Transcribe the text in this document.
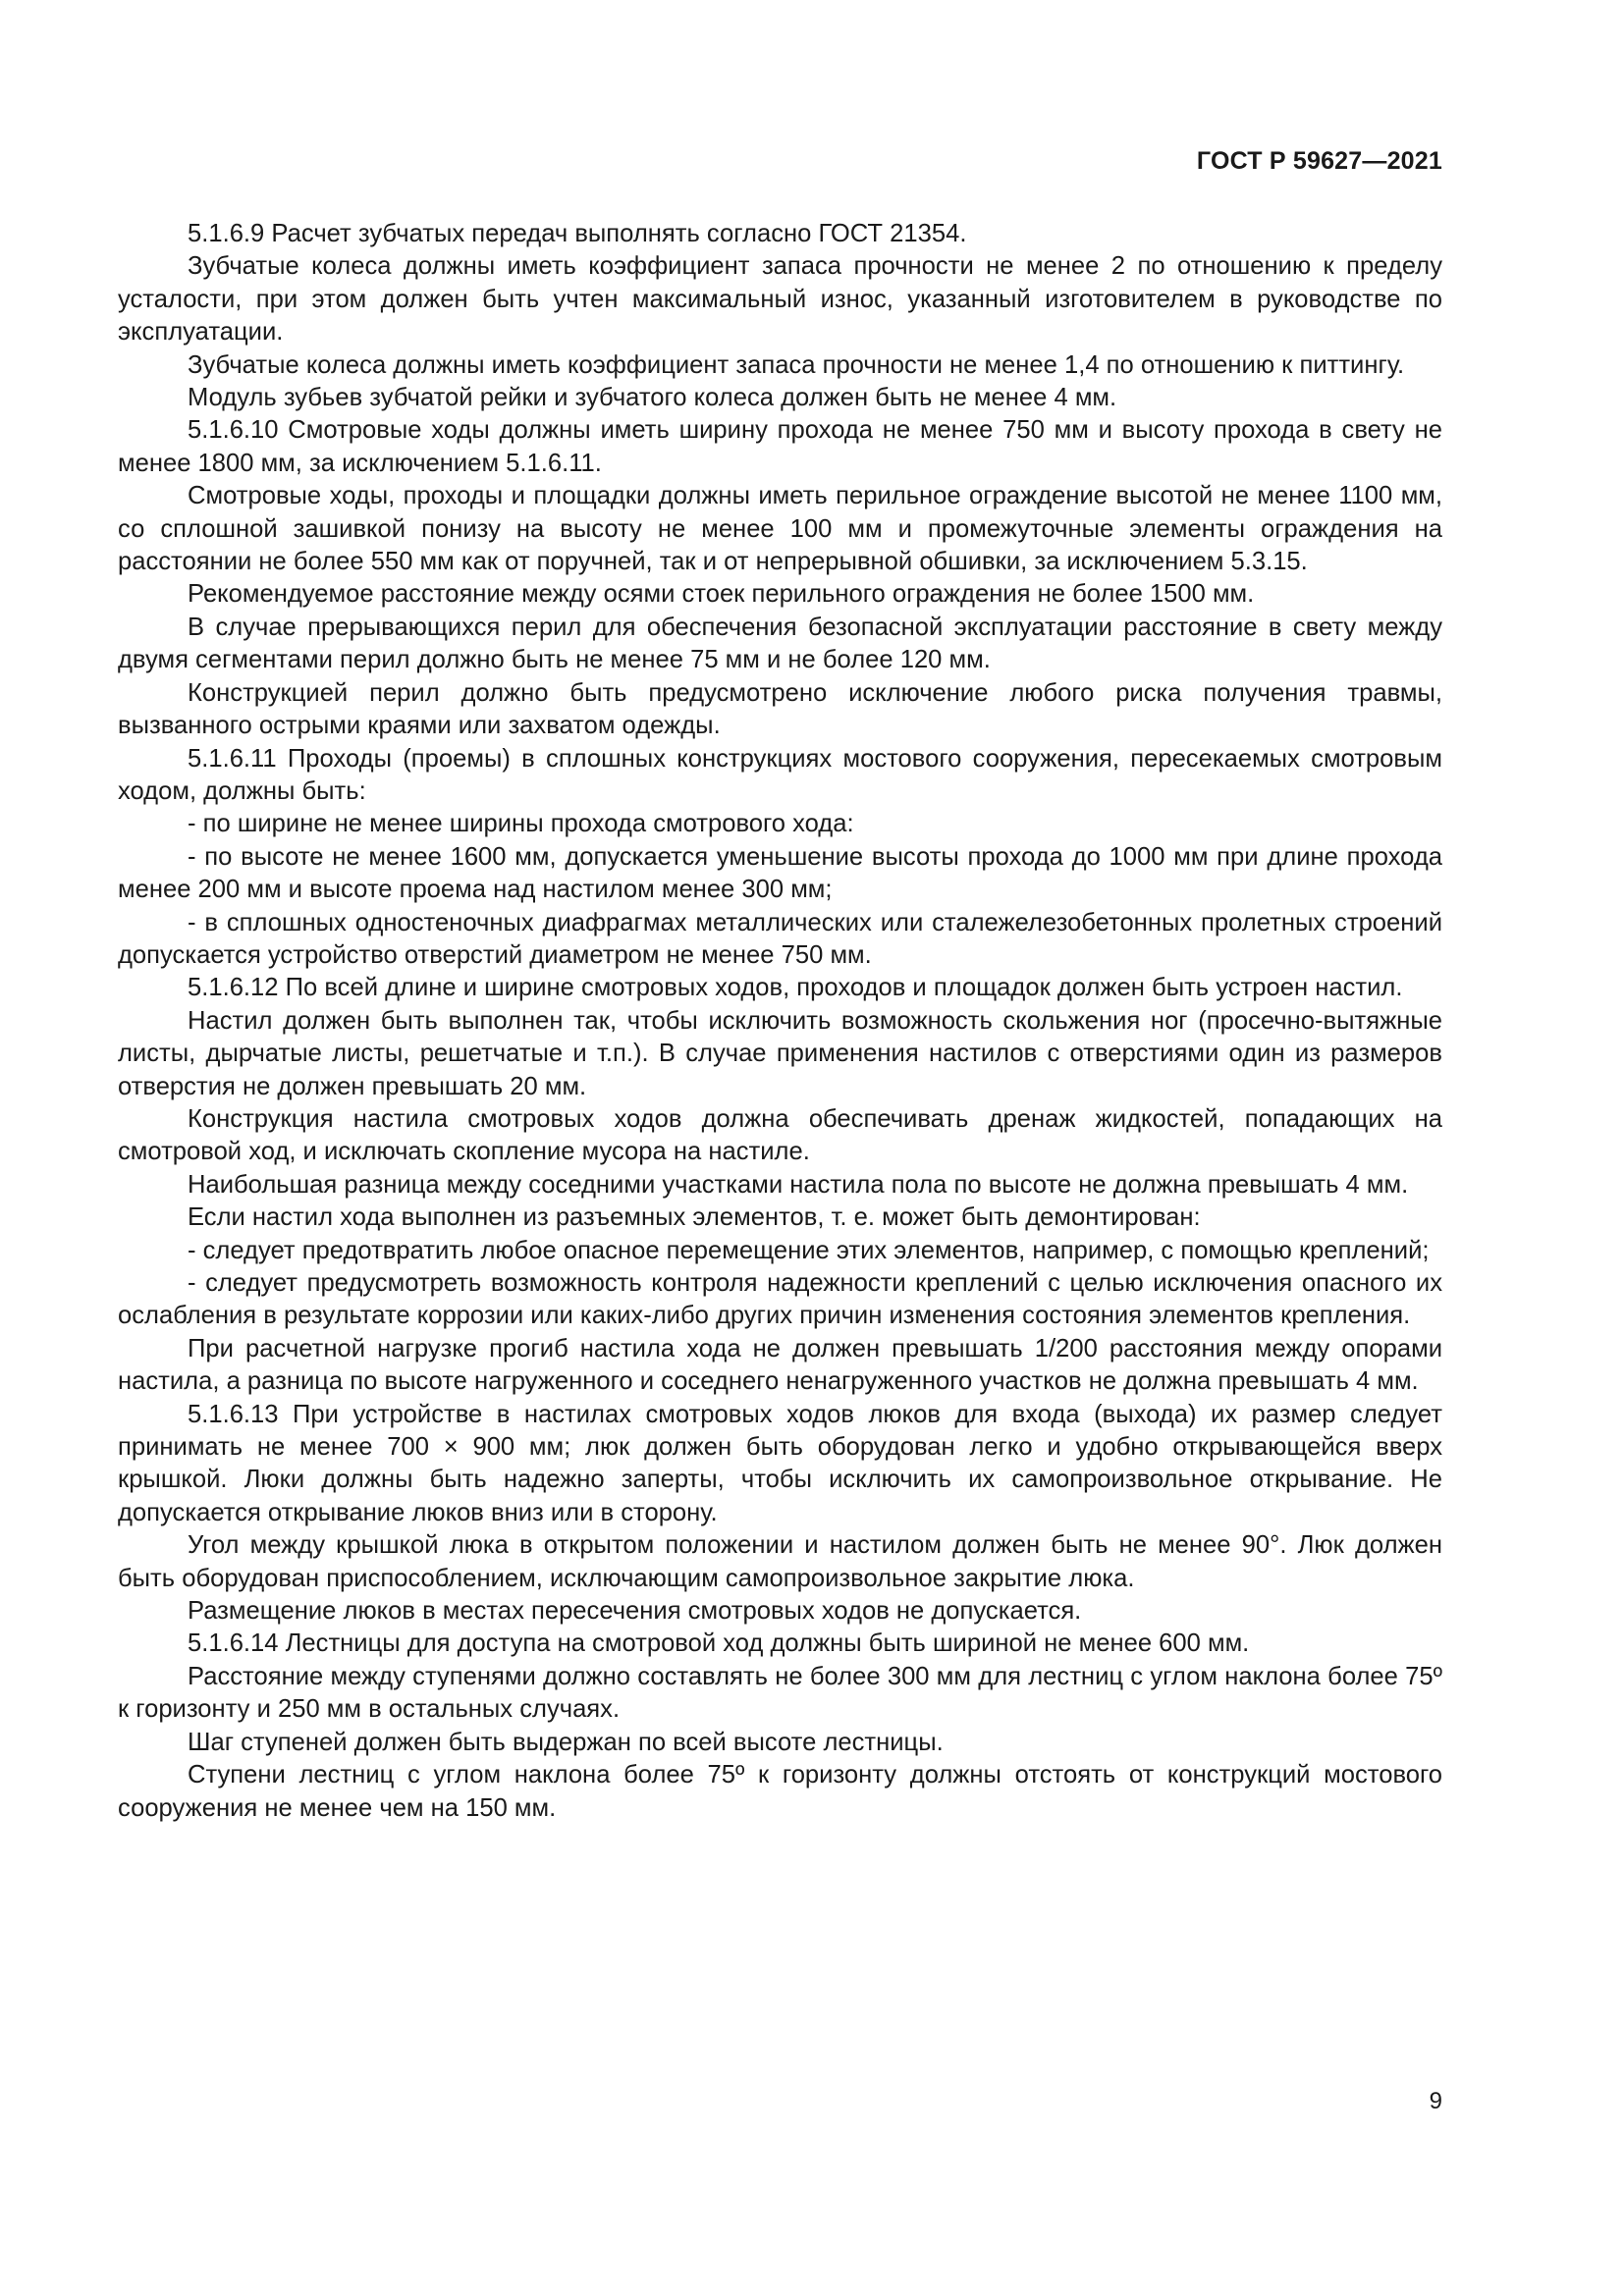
ГОСТ Р 59627—2021

5.1.6.9 Расчет зубчатых передач выполнять согласно ГОСТ 21354.

Зубчатые колеса должны иметь коэффициент запаса прочности не менее 2 по отношению к пределу усталости, при этом должен быть учтен максимальный износ, указанный изготовителем в руководстве по эксплуатации.

Зубчатые колеса должны иметь коэффициент запаса прочности не менее 1,4 по отношению к питтингу.

Модуль зубьев зубчатой рейки и зубчатого колеса должен быть не менее 4 мм.

5.1.6.10 Смотровые ходы должны иметь ширину прохода не менее 750 мм и высоту прохода в свету не менее 1800 мм, за исключением 5.1.6.11.

Смотровые ходы, проходы и площадки должны иметь перильное ограждение высотой не менее 1100 мм, со сплошной зашивкой понизу на высоту не менее 100 мм и промежуточные элементы ограждения на расстоянии не более 550 мм как от поручней, так и от непрерывной обшивки, за исключением 5.3.15.

Рекомендуемое расстояние между осями стоек перильного ограждения не более 1500 мм.

В случае прерывающихся перил для обеспечения безопасной эксплуатации расстояние в свету между двумя сегментами перил должно быть не менее 75 мм и не более 120 мм.

Конструкцией перил должно быть предусмотрено исключение любого риска получения травмы, вызванного острыми краями или захватом одежды.

5.1.6.11 Проходы (проемы) в сплошных конструкциях мостового сооружения, пересекаемых смотровым ходом, должны быть:

- по ширине не менее ширины прохода смотрового хода:

- по высоте не менее 1600 мм, допускается уменьшение высоты прохода до 1000 мм при длине прохода менее 200 мм и высоте проема над настилом менее 300 мм;

- в сплошных одностеночных диафрагмах металлических или сталежелезобетонных пролетных строений допускается устройство отверстий диаметром не менее 750 мм.

5.1.6.12 По всей длине и ширине смотровых ходов, проходов и площадок должен быть устроен настил.

Настил должен быть выполнен так, чтобы исключить возможность скольжения ног (просечно-вытяжные листы, дырчатые листы, решетчатые и т.п.). В случае применения настилов с отверстиями один из размеров отверстия не должен превышать 20 мм.

Конструкция настила смотровых ходов должна обеспечивать дренаж жидкостей, попадающих на смотровой ход, и исключать скопление мусора на настиле.

Наибольшая разница между соседними участками настила пола по высоте не должна превышать 4 мм.

Если настил хода выполнен из разъемных элементов, т. е. может быть демонтирован:

- следует предотвратить любое опасное перемещение этих элементов, например, с помощью креплений;

- следует предусмотреть возможность контроля надежности креплений с целью исключения опасного их ослабления в результате коррозии или каких-либо других причин изменения состояния элементов крепления.

При расчетной нагрузке прогиб настила хода не должен превышать 1/200 расстояния между опорами настила, а разница по высоте нагруженного и соседнего ненагруженного участков не должна превышать 4 мм.

5.1.6.13 При устройстве в настилах смотровых ходов люков для входа (выхода) их размер следует принимать не менее 700 × 900 мм; люк должен быть оборудован легко и удобно открывающейся вверх крышкой. Люки должны быть надежно заперты, чтобы исключить их самопроизвольное открывание. Не допускается открывание люков вниз или в сторону.

Угол между крышкой люка в открытом положении и настилом должен быть не менее 90°. Люк должен быть оборудован приспособлением, исключающим самопроизвольное закрытие люка.

Размещение люков в местах пересечения смотровых ходов не допускается.

5.1.6.14 Лестницы для доступа на смотровой ход должны быть шириной не менее 600 мм.

Расстояние между ступенями должно составлять не более 300 мм для лестниц с углом наклона более 75º к горизонту и 250 мм в остальных случаях.

Шаг ступеней должен быть выдержан по всей высоте лестницы.

Ступени лестниц с углом наклона более 75º к горизонту должны отстоять от конструкций мостового сооружения не менее чем на 150 мм.

9
